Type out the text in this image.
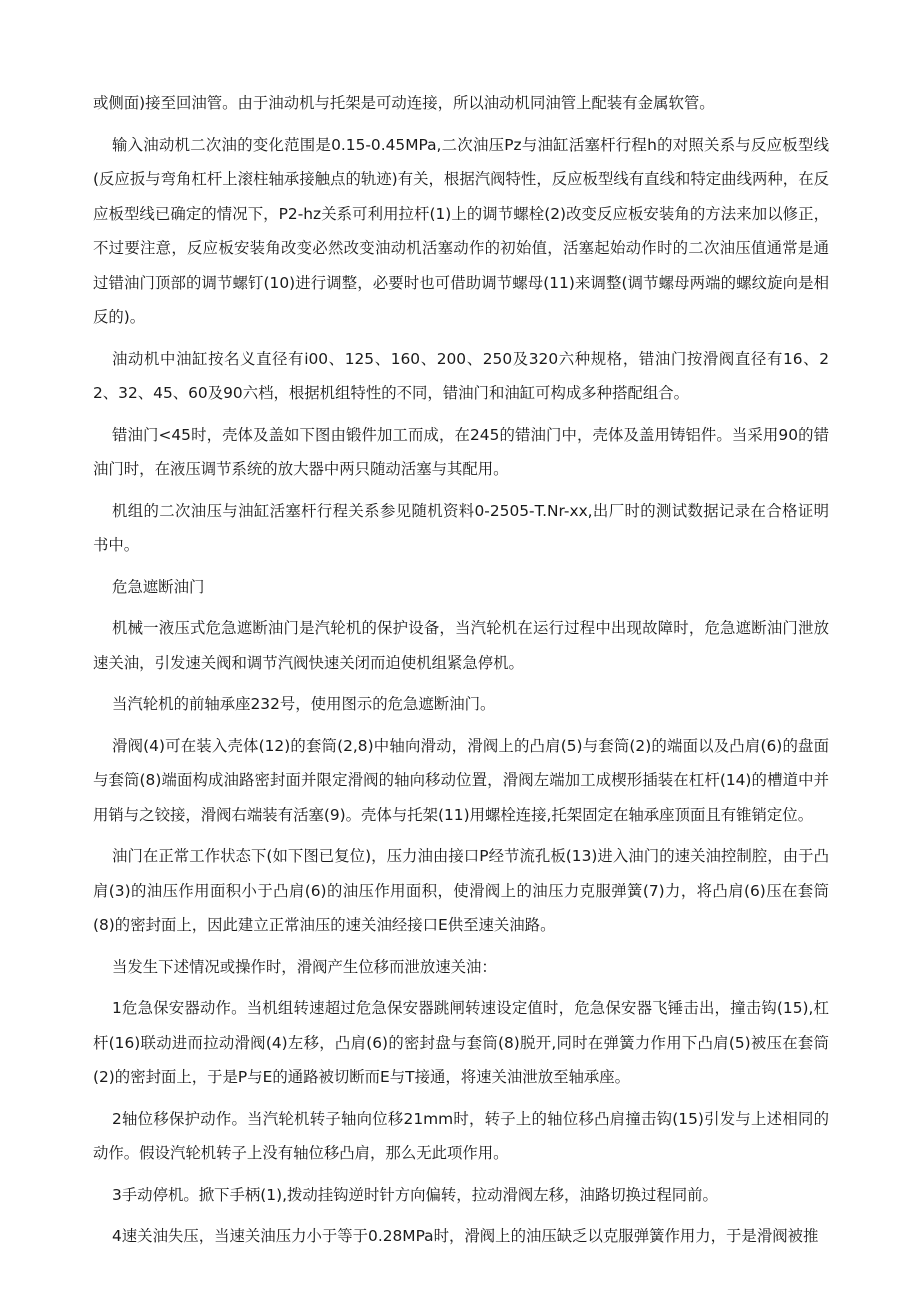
或侧面)接至回油管。由于油动机与托架是可动连接，所以油动机同油管上配装有金属软管。

输入油动机二次油的变化范围是0.15-0.45MPa,二次油压Pz与油缸活塞杆行程h的对照关系与反应板型线(反应扳与弯角杠杆上滚柱轴承接触点的轨迹)有关，根据汽阀特性，反应板型线有直线和特定曲线两种，在反应板型线已确定的情况下，P2-hz关系可利用拉杆(1)上的调节螺栓(2)改变反应板安装角的方法来加以修正，不过要注意，反应板安装角改变必然改变油动机活塞动作的初始值，活塞起始动作时的二次油压值通常是通过错油门顶部的调节螺钉(10)进行调整，必要时也可借助调节螺母(11)来调整(调节螺母两端的螺纹旋向是相反的)。

油动机中油缸按名义直径有i00、125、160、200、250及320六种规格，错油门按滑阀直径有16、22、32、45、60及90六档，根据机组特性的不同，错油门和油缸可构成多种搭配组合。

错油门<45时，壳体及盖如下图由锻件加工而成，在245的错油门中，壳体及盖用铸铝件。当采用90的错油门时，在液压调节系统的放大器中两只随动活塞与其配用。

机组的二次油压与油缸活塞杆行程关系参见随机资料0-2505-T.Nr-xx,出厂时的测试数据记录在合格证明书中。

危急遮断油门

机械一液压式危急遮断油门是汽轮机的保护设备，当汽轮机在运行过程中出现故障时，危急遮断油门泄放速关油，引发速关阀和调节汽阀快速关闭而迫使机组紧急停机。

当汽轮机的前轴承座232号，使用图示的危急遮断油门。

滑阀(4)可在装入壳体(12)的套筒(2,8)中轴向滑动，滑阀上的凸肩(5)与套筒(2)的端面以及凸肩(6)的盘面与套筒(8)端面构成油路密封面并限定滑阀的轴向移动位置，滑阀左端加工成楔形插装在杠杆(14)的槽道中并用销与之铰接，滑阀右端装有活塞(9)。壳体与托架(11)用螺栓连接,托架固定在轴承座顶面且有锥销定位。

油门在正常工作状态下(如下图已复位)，压力油由接口P经节流孔板(13)进入油门的速关油控制腔，由于凸肩(3)的油压作用面积小于凸肩(6)的油压作用面积，使滑阀上的油压力克服弹簧(7)力，将凸肩(6)压在套筒(8)的密封面上，因此建立正常油压的速关油经接口E供至速关油路。

当发生下述情况或操作时，滑阀产生位移而泄放速关油：

1危急保安器动作。当机组转速超过危急保安器跳闸转速设定值时，危急保安器飞锤击出，撞击钩(15),杠杆(16)联动进而拉动滑阀(4)左移，凸肩(6)的密封盘与套筒(8)脱开,同时在弹簧力作用下凸肩(5)被压在套筒(2)的密封面上，于是P与E的通路被切断而E与T接通，将速关油泄放至轴承座。

2轴位移保护动作。当汽轮机转子轴向位移21mm时，转子上的轴位移凸肩撞击钩(15)引发与上述相同的动作。假设汽轮机转子上没有轴位移凸肩，那么无此项作用。

3手动停机。掀下手柄(1),拨动挂钩逆时针方向偏转，拉动滑阀左移，油路切换过程同前。

4速关油失压，当速关油压力小于等于0.28MPa时，滑阀上的油压缺乏以克服弹簧作用力，于是滑阀被推
